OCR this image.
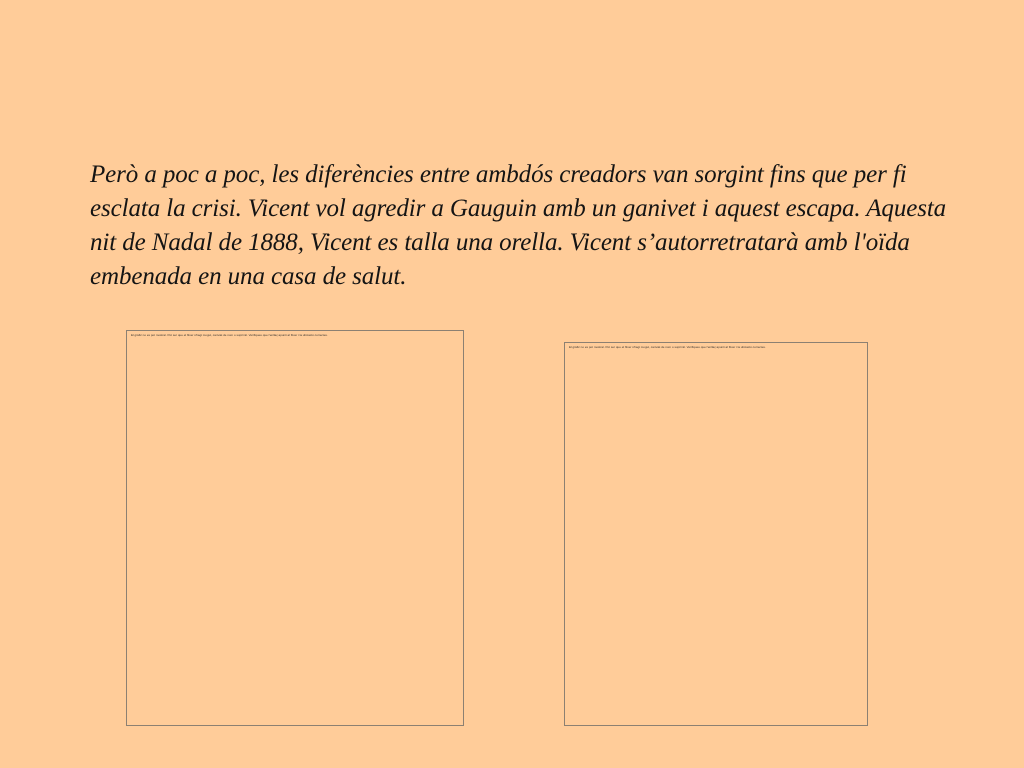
Però a poc a poc, les diferències entre ambdós creadors van sorgint fins que per fi esclata la crisi. Vicent vol agredir a Gauguin amb un ganivet i aquest escapa. Aquesta nit de Nadal de 1888, Vicent es talla una orella. Vicent s’autorretratarà amb l'oïda embenada en una casa de salut.

El gràfic no es pot mostrar. Pot ser que el fitxer s'hagi mogut, canviat de nom o suprimit. Verifiqueu que l'enllaç apunti al fitxer i la ubicació correctes.
El gràfic no es pot mostrar. Pot ser que el fitxer s'hagi mogut, canviat de nom o suprimit. Verifiqueu que l'enllaç apunti al fitxer i la ubicació correctes.
